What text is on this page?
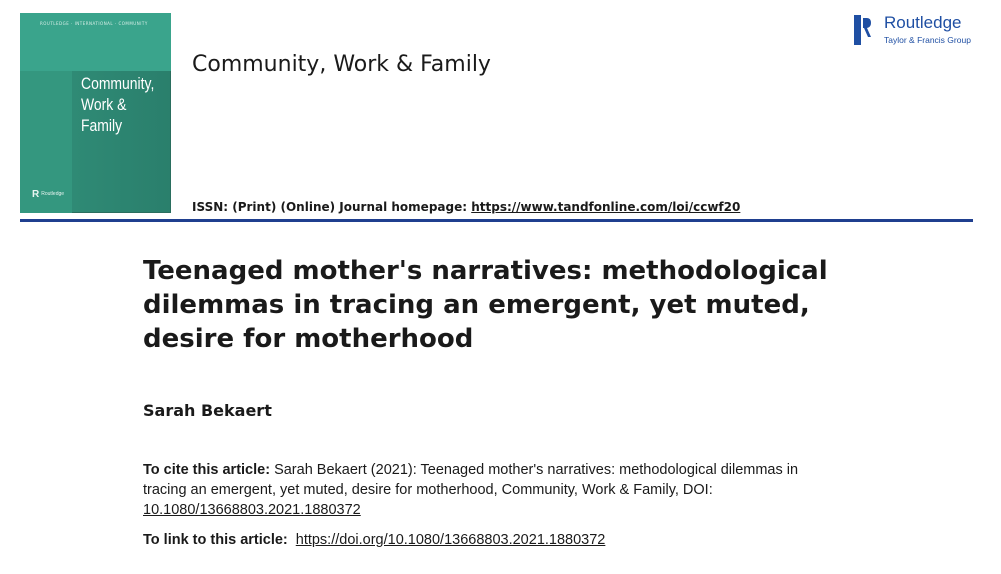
ROUTLEDGE · INTERNATIONAL · COMMUNITY
Community, Work & Family
R Routledge
Community, Work & Family
Routledge
Taylor & Francis Group
ISSN: (Print) (Online) Journal homepage: https://www.tandfonline.com/loi/ccwf20
Teenaged mother's narratives: methodological dilemmas in tracing an emergent, yet muted, desire for motherhood
Sarah Bekaert
To cite this article: Sarah Bekaert (2021): Teenaged mother's narratives: methodological dilemmas in tracing an emergent, yet muted, desire for motherhood, Community, Work & Family, DOI: 10.1080/13668803.2021.1880372
To link to this article: https://doi.org/10.1080/13668803.2021.1880372
